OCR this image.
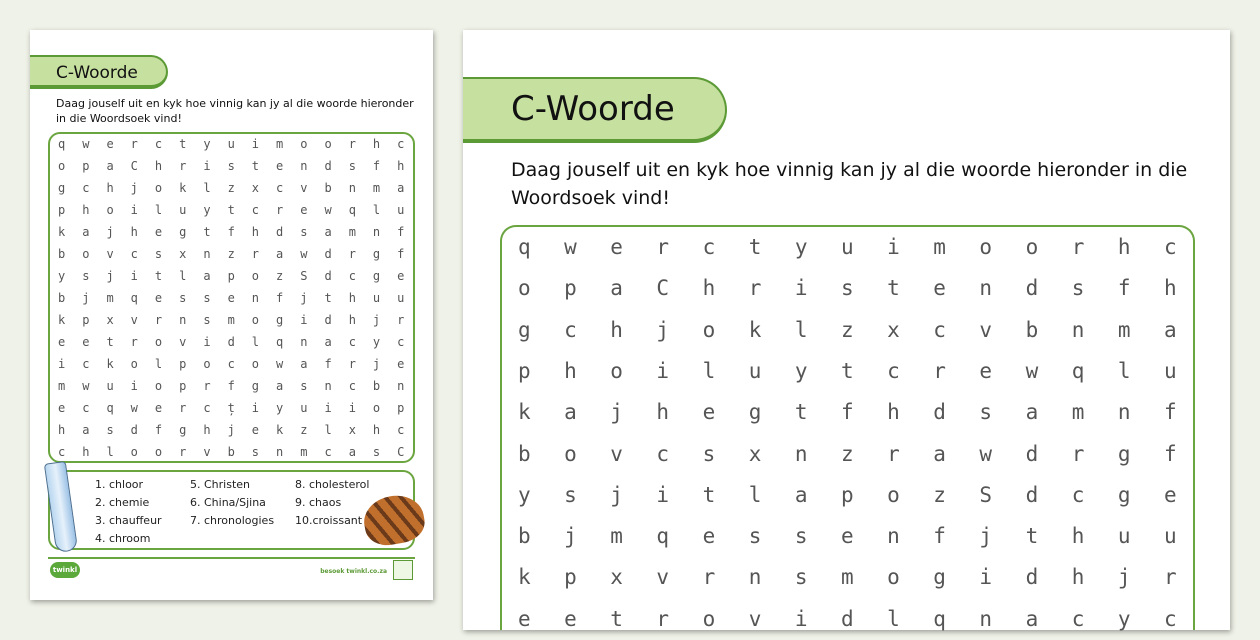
C-Woorde
Daag jouself uit en kyk hoe vinnig kan jy al die woorde hieronder in die Woordsoek vind!
qwerctyuimoorhc
opaChristendsfh
gchjoklzxcvbnma
phoiluytcrewqlu
kajhegtfhdsamnf
bovcsxnzrawdrgf
ysjitlapozSdcge
bjmqessenfjthuu
kpxvrnsmogidhjr
eetrovidlqnacyc
ickolpocowafrje
mwuioprfgasncbn
ecqwercțiyuiiop
hasdfghjekzlxhc
chloorvbsnmcasC
1. chloor
2. chemie
3. chauffeur
4. chroom
5. Christen
6. China/Sjina
7. chronologies
8. cholesterol
9. chaos
10.croissant
twinkl	besoek twinkl.co.za
C-Woorde
Daag jouself uit en kyk hoe vinnig kan jy al die woorde hieronder in die Woordsoek vind!
qwerctyuimoorhc
opaChristendsfh
gchjoklzxcvbnma
phoiluytcrewqlu
kajhegtfhdsamnf
bovcsxnzrawdrgf
ysjitlapozSdcge
bjmqessenfjthuu
kpxvrnsmogidhjr
eetrovidlqnacyc
